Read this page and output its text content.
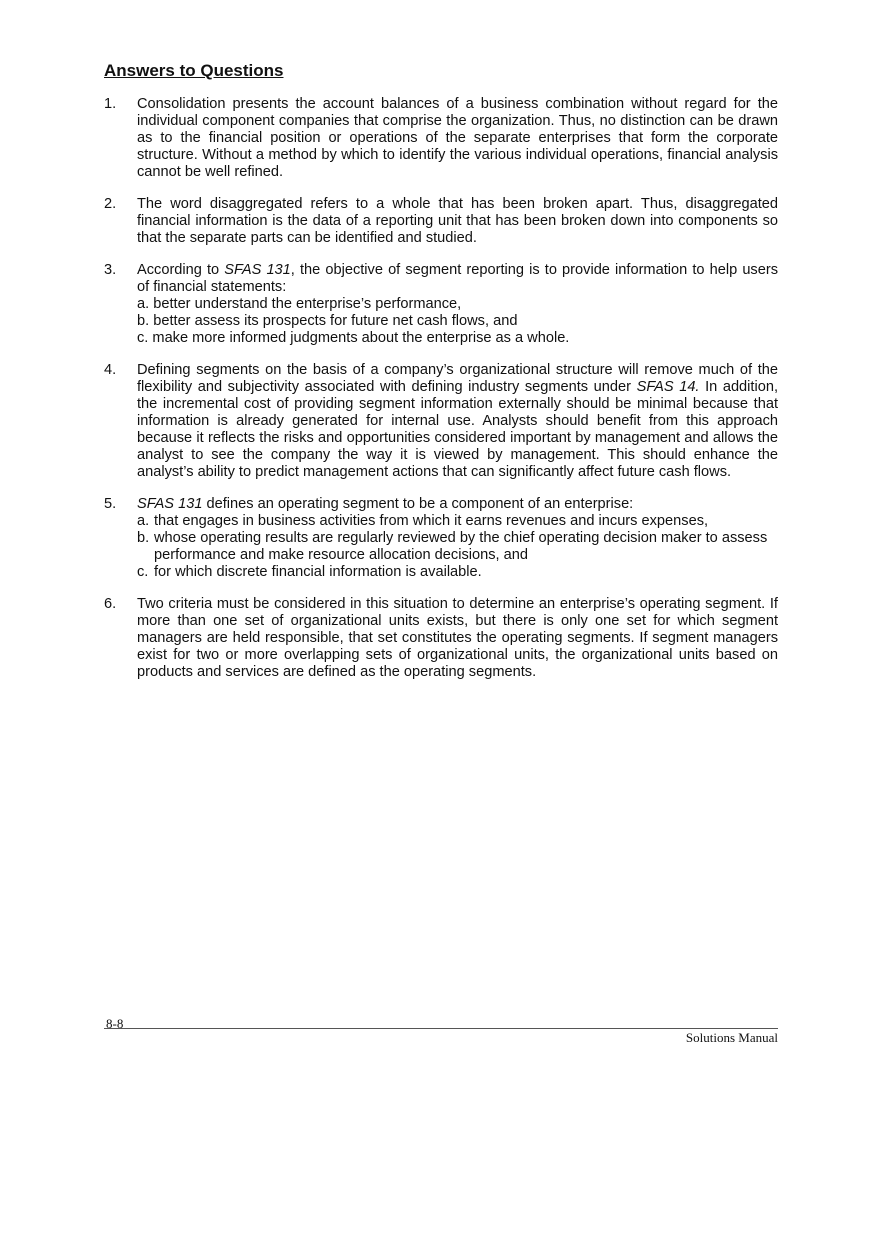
Answers to Questions
1. Consolidation presents the account balances of a business combination without regard for the individual component companies that comprise the organization. Thus, no distinction can be drawn as to the financial position or operations of the separate enterprises that form the corporate structure. Without a method by which to identify the various individual operations, financial analysis cannot be well refined.

2. The word disaggregated refers to a whole that has been broken apart. Thus, disaggregated financial information is the data of a reporting unit that has been broken down into components so that the separate parts can be identified and studied.

3. According to SFAS 131, the objective of segment reporting is to provide information to help users of financial statements:

a. better understand the enterprise’s performance,
b. better assess its prospects for future net cash flows, and
c. make more informed judgments about the enterprise as a whole.
4. Defining segments on the basis of a company’s organizational structure will remove much of the flexibility and subjectivity associated with defining industry segments under SFAS 14. In addition, the incremental cost of providing segment information externally should be minimal because that information is already generated for internal use. Analysts should benefit from this approach because it reflects the risks and opportunities considered important by management and allows the analyst to see the company the way it is viewed by management. This should enhance the analyst’s ability to predict management actions that can significantly affect future cash flows.

5. SFAS 131 defines an operating segment to be a component of an enterprise:

a. that engages in business activities from which it earns revenues and incurs expenses,
b. whose operating results are regularly reviewed by the chief operating decision maker to assess performance and make resource allocation decisions, and
c. for which discrete financial information is available.
6. Two criteria must be considered in this situation to determine an enterprise’s operating segment. If more than one set of organizational units exists, but there is only one set for which segment managers are held responsible, that set constitutes the operating segments. If segment managers exist for two or more overlapping sets of organizational units, the organizational units based on products and services are defined as the operating segments.

8-8
Solutions Manual
